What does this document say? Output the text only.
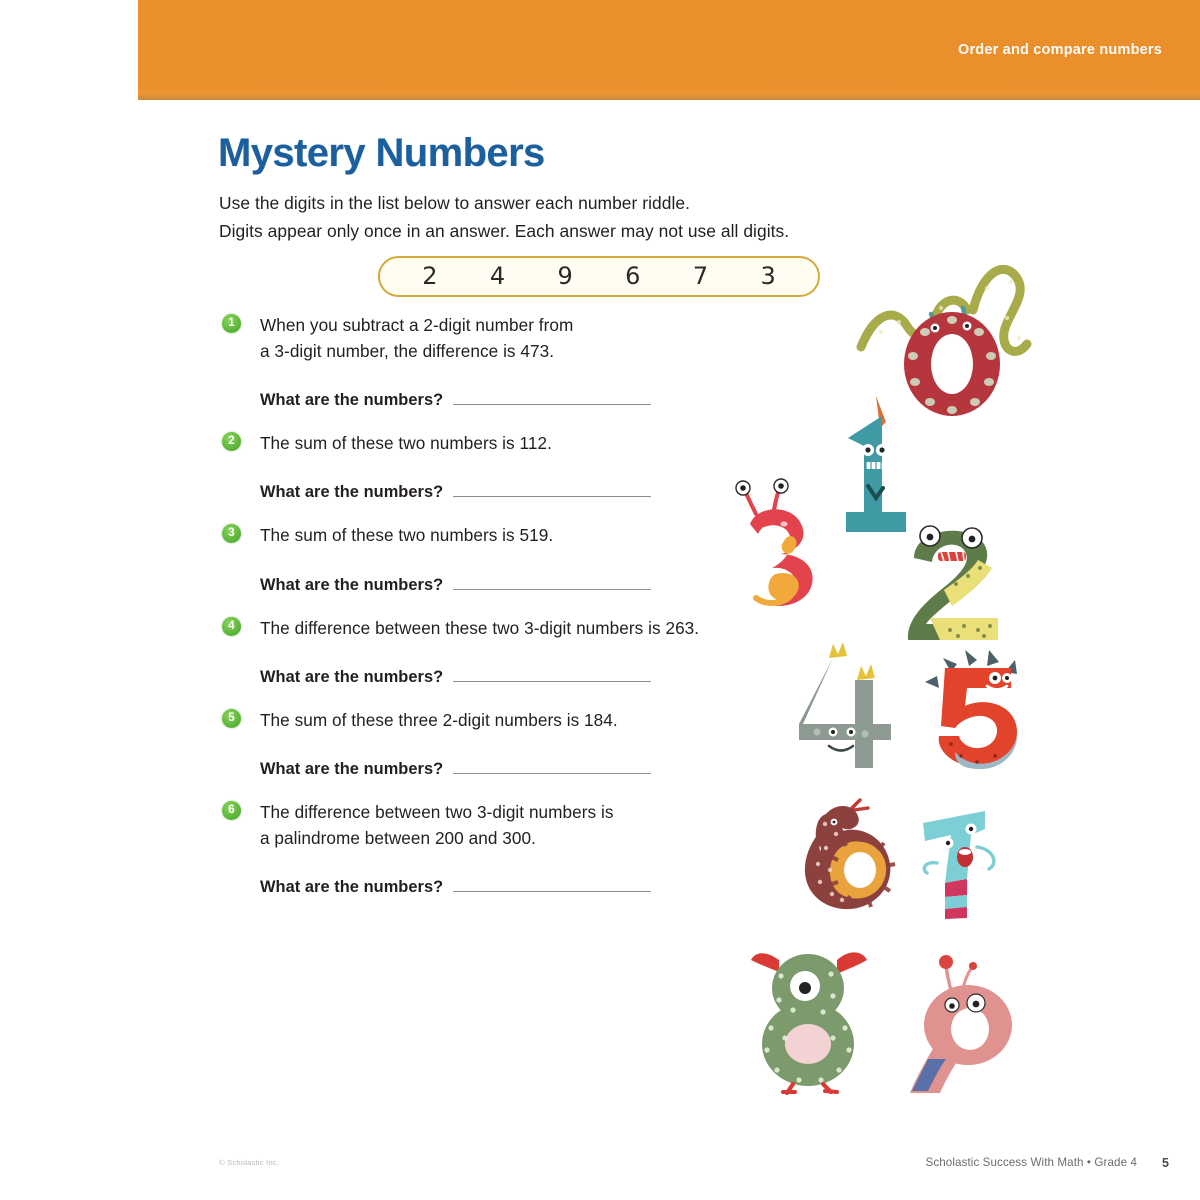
Order and compare numbers
Mystery Numbers
Use the digits in the list below to answer each number riddle.
Digits appear only once in an answer. Each answer may not use all digits.
2 4 9 6 7 3
1	When you subtract a 2-digit number from
a 3-digit number, the difference is 473.
What are the numbers?
2	The sum of these two numbers is 112.
What are the numbers?
3	The sum of these two numbers is 519.
What are the numbers?
4	The difference between these two 3-digit numbers is 263.
What are the numbers?
5	The sum of these three 2-digit numbers is 184.
What are the numbers?
6	The difference between two 3-digit numbers is
a palindrome between 200 and 300.
What are the numbers?
© Scholastic Inc.	Scholastic Success With Math • Grade 4 5
